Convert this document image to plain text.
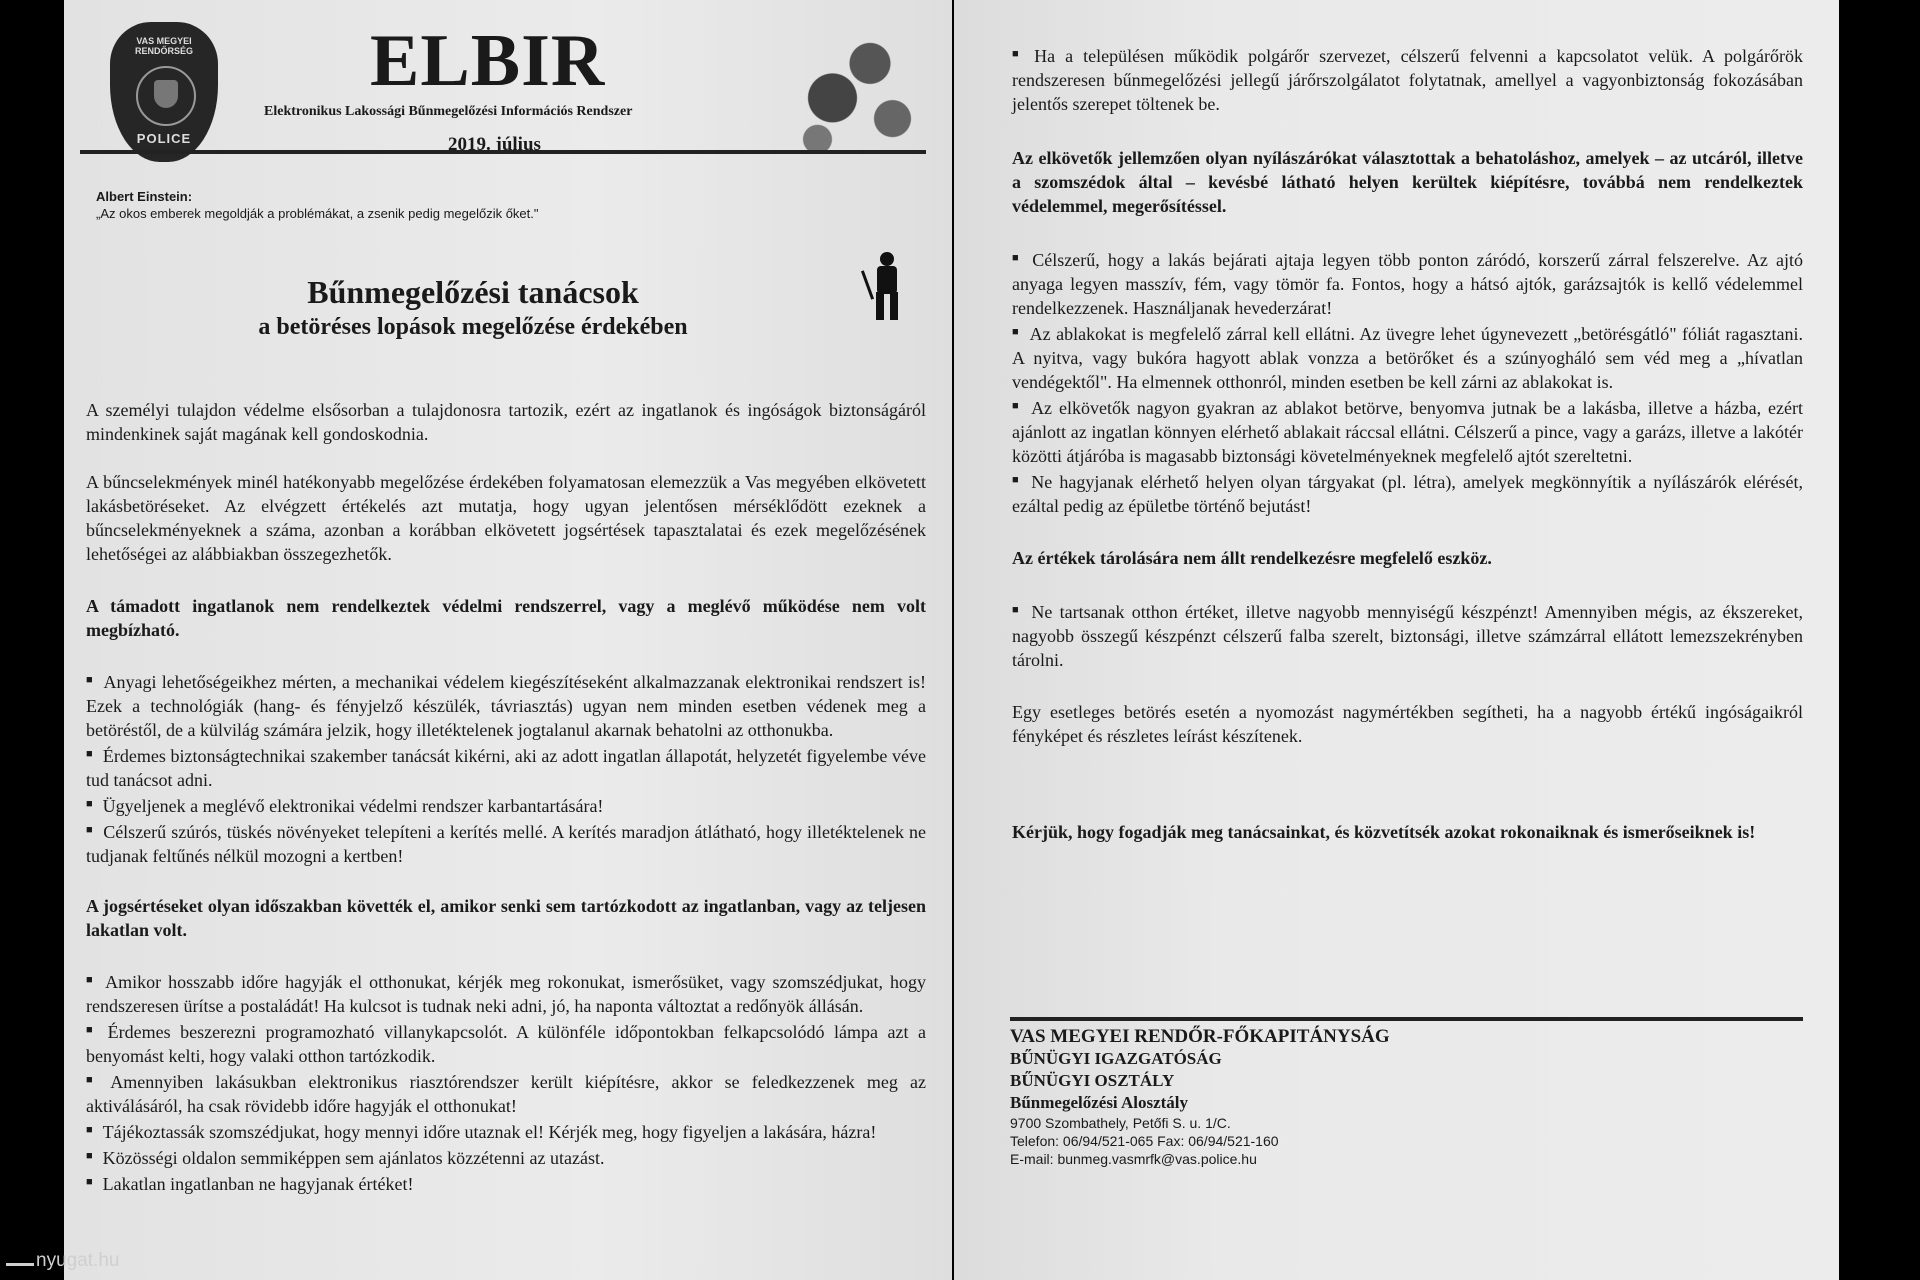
VAS MEGYEI RENDŐRSÉG
POLICE
ELBIR
Elektronikus Lakossági Bűnmegelőzési Információs Rendszer
2019. július
Albert Einstein:
„Az okos emberek megoldják a problémákat, a zsenik pedig megelőzik őket."
Bűnmegelőzési tanácsok
a betöréses lopások megelőzése érdekében

A személyi tulajdon védelme elsősorban a tulajdonosra tartozik, ezért az ingatlanok és ingóságok biztonságáról mindenkinek saját magának kell gondoskodnia.

A bűncselekmények minél hatékonyabb megelőzése érdekében folyamatosan elemezzük a Vas megyében elkövetett lakásbetöréseket. Az elvégzett értékelés azt mutatja, hogy ugyan jelentősen mérséklődött ezeknek a bűncselekményeknek a száma, azonban a korábban elkövetett jogsértések tapasztalatai és ezek megelőzésének lehetőségei az alábbiakban összegezhetők.

A támadott ingatlanok nem rendelkeztek védelmi rendszerrel, vagy a meglévő működése nem volt megbízható.

■ Anyagi lehetőségeikhez mérten, a mechanikai védelem kiegészítéseként alkalmazzanak elektronikai rendszert is! Ezek a technológiák (hang- és fényjelző készülék, távriasztás) ugyan nem minden esetben védenek meg a betöréstől, de a külvilág számára jelzik, hogy illetéktelenek jogtalanul akarnak behatolni az otthonukba.

■ Érdemes biztonságtechnikai szakember tanácsát kikérni, aki az adott ingatlan állapotát, helyzetét figyelembe véve tud tanácsot adni.

■ Ügyeljenek a meglévő elektronikai védelmi rendszer karbantartására!

■ Célszerű szúrós, tüskés növényeket telepíteni a kerítés mellé. A kerítés maradjon átlátható, hogy illetéktelenek ne tudjanak feltűnés nélkül mozogni a kertben!

A jogsértéseket olyan időszakban követték el, amikor senki sem tartózkodott az ingatlanban, vagy az teljesen lakatlan volt.

■ Amikor hosszabb időre hagyják el otthonukat, kérjék meg rokonukat, ismerősüket, vagy szomszédjukat, hogy rendszeresen ürítse a postaládát! Ha kulcsot is tudnak neki adni, jó, ha naponta változtat a redőnyök állásán.

■ Érdemes beszerezni programozható villanykapcsolót. A különféle időpontokban felkapcsolódó lámpa azt a benyomást kelti, hogy valaki otthon tartózkodik.

■ Amennyiben lakásukban elektronikus riasztórendszer került kiépítésre, akkor se feledkezzenek meg az aktiválásáról, ha csak rövidebb időre hagyják el otthonukat!

■ Tájékoztassák szomszédjukat, hogy mennyi időre utaznak el! Kérjék meg, hogy figyeljen a lakására, házra!

■ Közösségi oldalon semmiképpen sem ajánlatos közzétenni az utazást.

■ Lakatlan ingatlanban ne hagyjanak értéket!

■ Ha a településen működik polgárőr szervezet, célszerű felvenni a kapcsolatot velük. A polgárőrök rendszeresen bűnmegelőzési jellegű járőrszolgálatot folytatnak, amellyel a vagyonbiztonság fokozásában jelentős szerepet töltenek be.

Az elkövetők jellemzően olyan nyílászárókat választottak a behatoláshoz, amelyek – az utcáról, illetve a szomszédok által – kevésbé látható helyen kerültek kiépítésre, továbbá nem rendelkeztek védelemmel, megerősítéssel.

■ Célszerű, hogy a lakás bejárati ajtaja legyen több ponton záródó, korszerű zárral felszerelve. Az ajtó anyaga legyen masszív, fém, vagy tömör fa. Fontos, hogy a hátsó ajtók, garázsajtók is kellő védelemmel rendelkezzenek. Használjanak hevederzárat!

■ Az ablakokat is megfelelő zárral kell ellátni. Az üvegre lehet úgynevezett „betörésgátló" fóliát ragasztani. A nyitva, vagy bukóra hagyott ablak vonzza a betörőket és a szúnyogháló sem véd meg a „hívatlan vendégektől". Ha elmennek otthonról, minden esetben be kell zárni az ablakokat is.

■ Az elkövetők nagyon gyakran az ablakot betörve, benyomva jutnak be a lakásba, illetve a házba, ezért ajánlott az ingatlan könnyen elérhető ablakait ráccsal ellátni. Célszerű a pince, vagy a garázs, illetve a lakótér közötti átjáróba is magasabb biztonsági követelményeknek megfelelő ajtót szereltetni.

■ Ne hagyjanak elérhető helyen olyan tárgyakat (pl. létra), amelyek megkönnyítik a nyílászárók elérését, ezáltal pedig az épületbe történő bejutást!

Az értékek tárolására nem állt rendelkezésre megfelelő eszköz.

■ Ne tartsanak otthon értéket, illetve nagyobb mennyiségű készpénzt! Amennyiben mégis, az ékszereket, nagyobb összegű készpénzt célszerű falba szerelt, biztonsági, illetve számzárral ellátott lemezszekrényben tárolni.

Egy esetleges betörés esetén a nyomozást nagymértékben segítheti, ha a nagyobb értékű ingóságaikról fényképet és részletes leírást készítenek.

Kérjük, hogy fogadják meg tanácsainkat, és közvetítsék azokat rokonaiknak és ismerőseiknek is!

VAS MEGYEI RENDŐR-FŐKAPITÁNYSÁG

BŰNÜGYI IGAZGATÓSÁG

BŰNÜGYI OSZTÁLY

Bűnmegelőzési Alosztály

9700 Szombathely, Petőfi S. u. 1/C.

Telefon: 06/94/521-065 Fax: 06/94/521-160

E-mail: bunmeg.vasmrfk@vas.police.hu

nyugat.hu
